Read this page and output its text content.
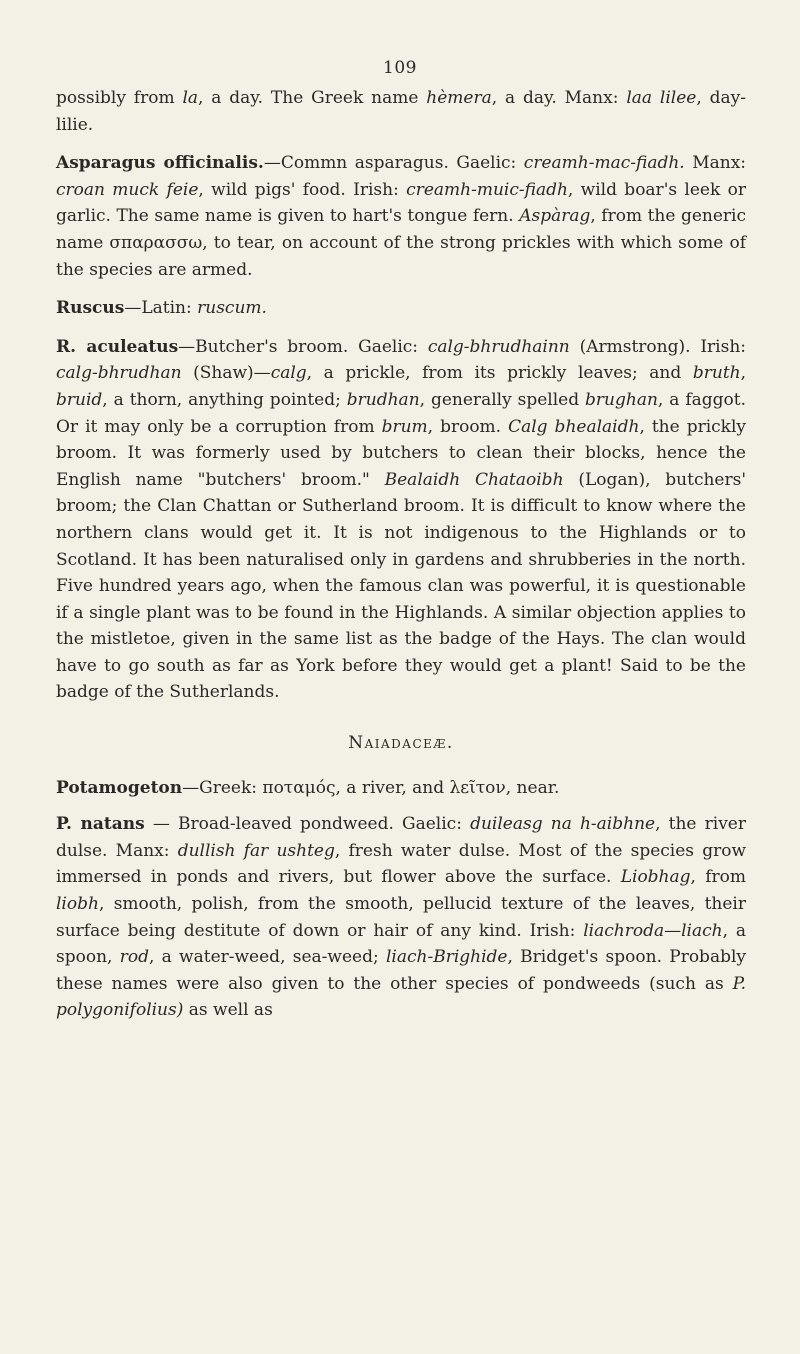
109

possibly from la, a day. The Greek name hèmera, a day. Manx: laa lilee, day-lilie.

Asparagus officinalis.—Commn asparagus. Gaelic: creamh-mac-fiadh. Manx: croan muck feie, wild pigs' food. Irish: creamh-muic-fiadh, wild boar's leek or garlic. The same name is given to hart's tongue fern. Aspàrag, from the generic name σπαρασσω, to tear, on account of the strong prickles with which some of the species are armed.

Ruscus—Latin: ruscum.

R. aculeatus—Butcher's broom. Gaelic: calg-bhrudhainn (Armstrong). Irish: calg-bhrudhan (Shaw)—calg, a prickle, from its prickly leaves; and bruth, bruid, a thorn, anything pointed; brudhan, generally spelled brughan, a faggot. Or it may only be a corruption from brum, broom. Calg bhealaidh, the prickly broom. It was formerly used by butchers to clean their blocks, hence the English name "butchers' broom." Bealaidh Chataoibh (Logan), butchers' broom; the Clan Chattan or Sutherland broom. It is difficult to know where the northern clans would get it. It is not indigenous to the Highlands or to Scotland. It has been naturalised only in gardens and shrubberies in the north. Five hundred years ago, when the famous clan was powerful, it is questionable if a single plant was to be found in the Highlands. A similar objection applies to the mistletoe, given in the same list as the badge of the Hays. The clan would have to go south as far as York before they would get a plant! Said to be the badge of the Sutherlands.

Naiadaceæ.

Potamogeton—Greek: ποταμός, a river, and λεῖτον, near.

P. natans — Broad-leaved pondweed. Gaelic: duileasg na h-aibhne, the river dulse. Manx: dullish far ushteg, fresh water dulse. Most of the species grow immersed in ponds and rivers, but flower above the surface. Liobhag, from liobh, smooth, polish, from the smooth, pellucid texture of the leaves, their surface being destitute of down or hair of any kind. Irish: liachroda—liach, a spoon, rod, a water-weed, sea-weed; liach-Brighide, Bridget's spoon. Probably these names were also given to the other species of pondweeds (such as P. polygonifolius) as well as
